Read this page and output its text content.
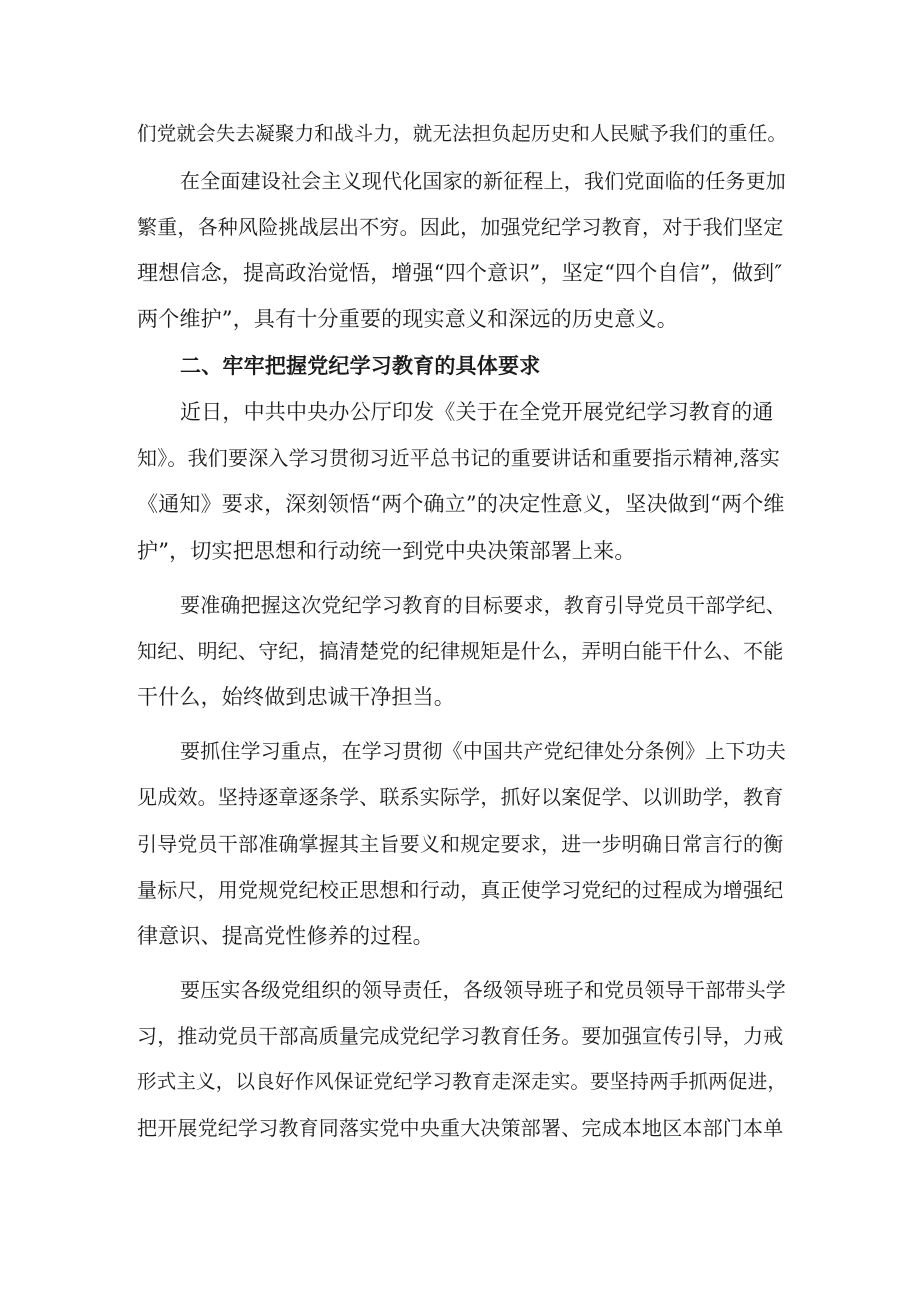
们党就会失去凝聚力和战斗力，就无法担负起历史和人民赋予我们的重任。
在全面建设社会主义现代化国家的新征程上，我们党面临的任务更加
繁重，各种风险挑战层出不穷。因此，加强党纪学习教育，对于我们坚定
理想信念，提高政治觉悟，增强“四个意识”，坚定“四个自信”，做到″
两个维护”，具有十分重要的现实意义和深远的历史意义。
二、牢牢把握党纪学习教育的具体要求
近日，中共中央办公厅印发《关于在全党开展党纪学习教育的通
知》。我们要深入学习贯彻习近平总书记的重要讲话和重要指示精神,落实
《通知》要求，深刻领悟“两个确立”的决定性意义，坚决做到“两个维
护”，切实把思想和行动统一到党中央决策部署上来。
要准确把握这次党纪学习教育的目标要求，教育引导党员干部学纪、
知纪、明纪、守纪，搞清楚党的纪律规矩是什么，弄明白能干什么、不能
干什么，始终做到忠诚干净担当。
要抓住学习重点，在学习贯彻《中国共产党纪律处分条例》上下功夫
见成效。坚持逐章逐条学、联系实际学，抓好以案促学、以训助学，教育
引导党员干部准确掌握其主旨要义和规定要求，进一步明确日常言行的衡
量标尺，用党规党纪校正思想和行动，真正使学习党纪的过程成为增强纪
律意识、提高党性修养的过程。
要压实各级党组织的领导责任，各级领导班子和党员领导干部带头学
习，推动党员干部高质量完成党纪学习教育任务。要加强宣传引导，力戒
形式主义，以良好作风保证党纪学习教育走深走实。要坚持两手抓两促进，
把开展党纪学习教育同落实党中央重大决策部署、完成本地区本部门本单
